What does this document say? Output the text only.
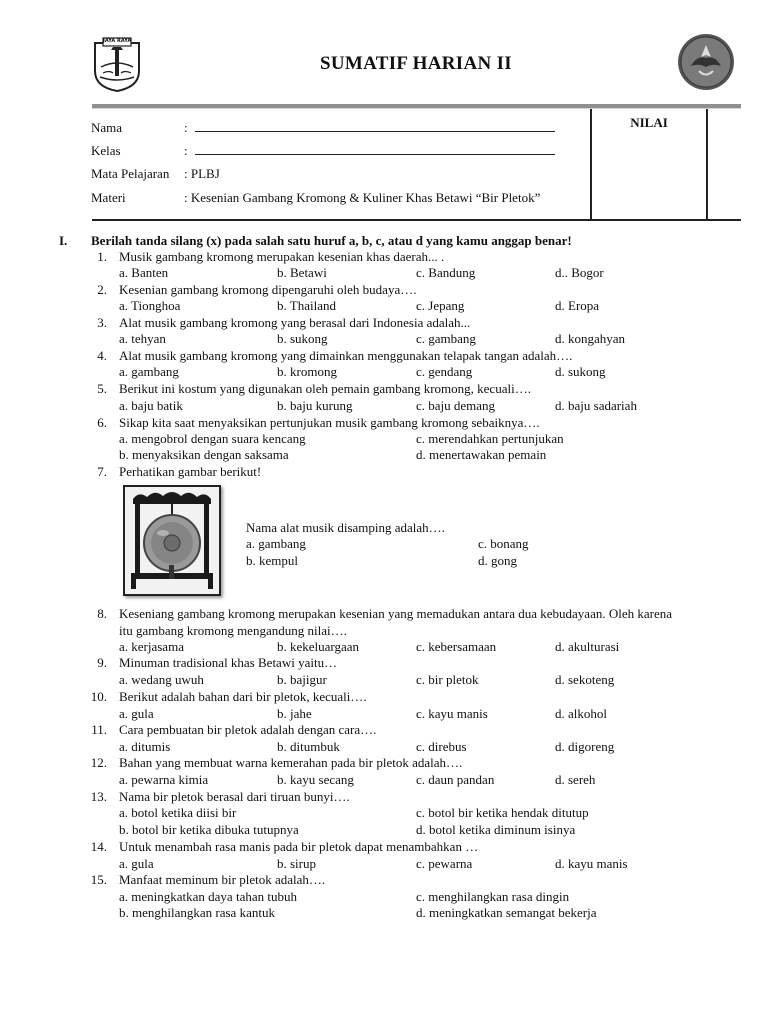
JAYA RAYA
SUMATIF HARIAN II
Nama	:
Kelas	:
Mata Pelajaran : PLBJ
Materi	: Kesenian Gambang Kromong & Kuliner Khas Betawi “Bir Pletok”
NILAI
I. Berilah tanda silang (x) pada salah satu huruf a, b, c, atau d yang kamu anggap benar!
1. Musik gambang kromong merupakan kesenian khas daerah... .
a. Banten	b. Betawi	c. Bandung	d.. Bogor
2. Kesenian gambang kromong dipengaruhi oleh budaya….
a. Tionghoa	b. Thailand	c. Jepang	d. Eropa
3. Alat musik gambang kromong yang berasal dari Indonesia adalah...
a. tehyan	b. sukong	c. gambang	d. kongahyan
4. Alat musik gambang kromong yang dimainkan menggunakan telapak tangan adalah….
a. gambang	b. kromong	c. gendang	d. sukong
5. Berikut ini kostum yang digunakan oleh pemain gambang kromong, kecuali….
a. baju batik	b. baju kurung	c. baju demang	d. baju sadariah
6. Sikap kita saat menyaksikan pertunjukan musik gambang kromong sebaiknya….
a. mengobrol dengan suara kencang
b. menyaksikan dengan saksama
c. merendahkan pertunjukan
d. menertawakan pemain
7. Perhatikan gambar berikut!
Nama alat musik disamping adalah….
a. gambang
b. kempul
c. bonang
d. gong
8. Keseniang gambang kromong merupakan kesenian yang memadukan antara dua kebudayaan. Oleh karena
itu gambang kromong mengandung nilai….
a. kerjasama	b. kekeluargaan	c. kebersamaan	d. akulturasi
9. Minuman tradisional khas Betawi yaitu…
a. wedang uwuh	b. bajigur	c. bir pletok	d. sekoteng
10. Berikut adalah bahan dari bir pletok, kecuali….
a. gula	b. jahe	c. kayu manis	d. alkohol
11. Cara pembuatan bir pletok adalah dengan cara….
a. ditumis	b. ditumbuk	c. direbus	d. digoreng
12. Bahan yang membuat warna kemerahan pada bir pletok adalah….
a. pewarna kimia	b. kayu secang	c. daun pandan	d. sereh
13. Nama bir pletok berasal dari tiruan bunyi….
a. botol ketika diisi bir
b. botol bir ketika dibuka tutupnya
c. botol bir ketika hendak ditutup
d. botol ketika diminum isinya
14. Untuk menambah rasa manis pada bir pletok dapat menambahkan …
a. gula	b. sirup	c. pewarna	d. kayu manis
15. Manfaat meminum bir pletok adalah….
a. meningkatkan daya tahan tubuh
b. menghilangkan rasa kantuk
c. menghilangkan rasa dingin
d. meningkatkan semangat bekerja
